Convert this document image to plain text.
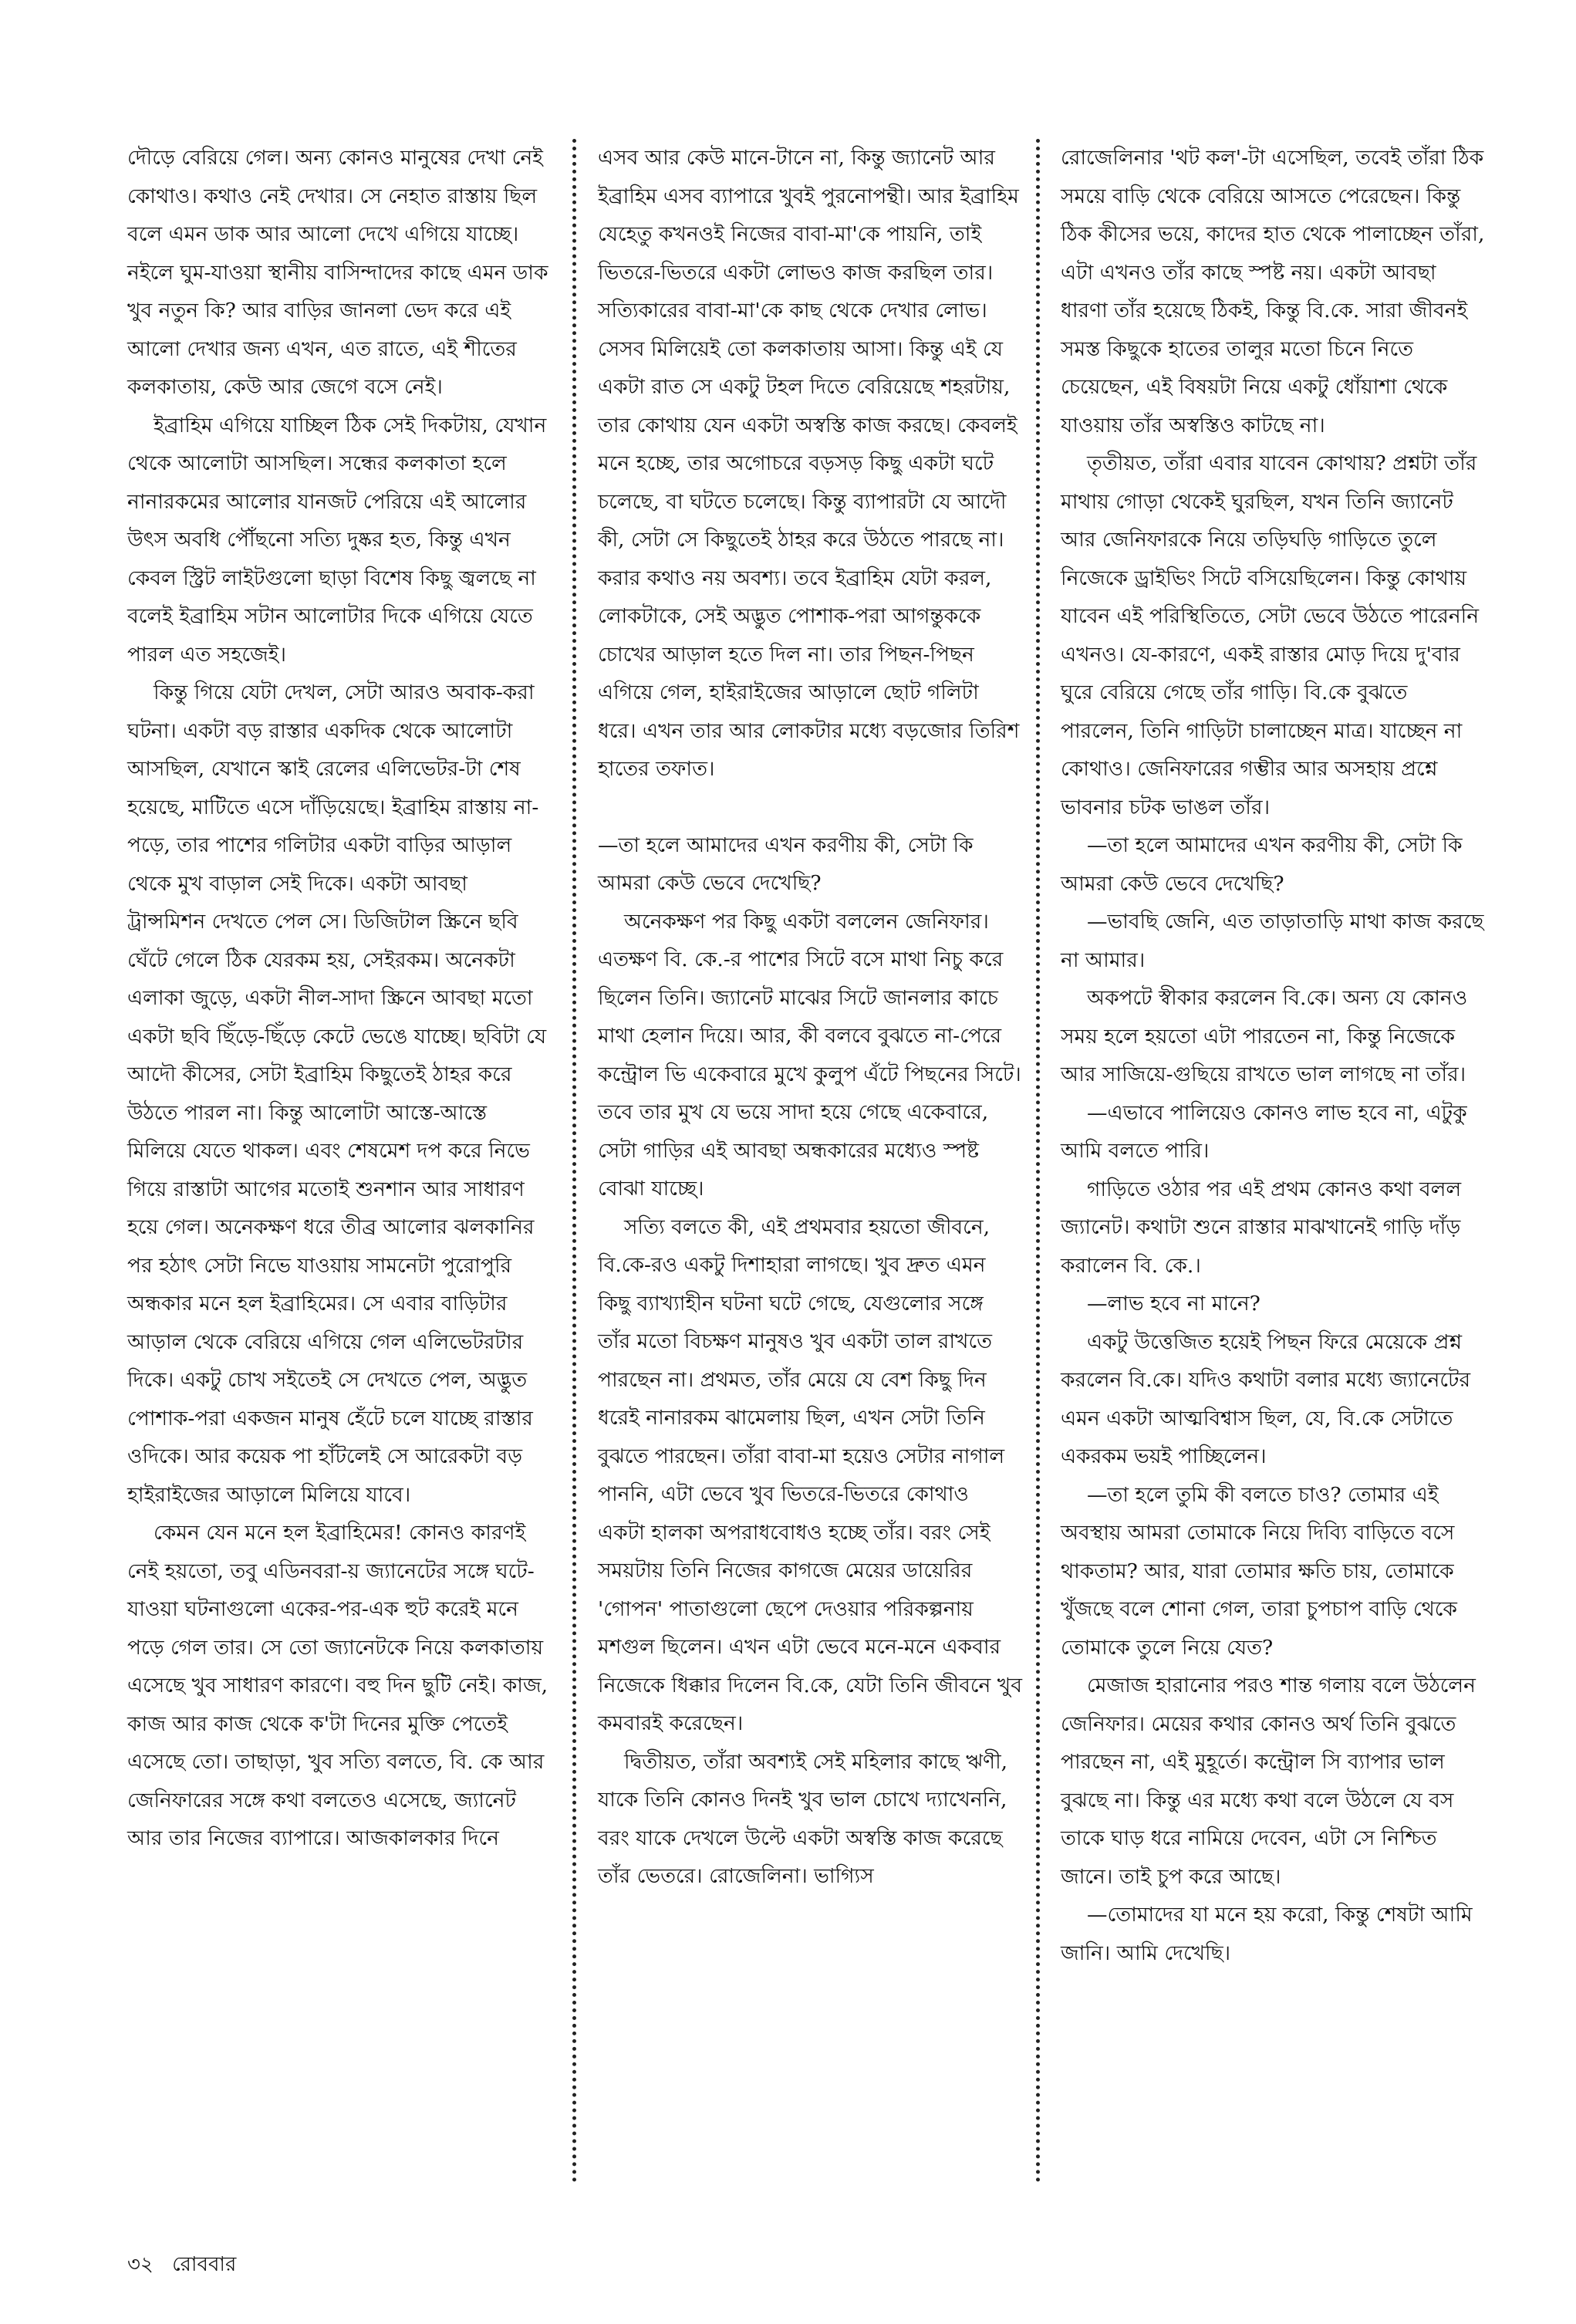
দৌড়ে বেরিয়ে গেল। অন্য কোনও মানুষের দেখা নেই কোথাও। কথাও নেই দেখার। সে নেহাত রাস্তায় ছিল বলে এমন ডাক আর আলো দেখে এগিয়ে যাচ্ছে। নইলে ঘুম-যাওয়া স্থানীয় বাসিন্দাদের কাছে এমন ডাক খুব নতুন কি? আর বাড়ির জানলা ভেদ করে এই আলো দেখার জন্য এখন, এত রাতে, এই শীতের কলকাতায়, কেউ আর জেগে বসে নেই।

ইব্রাহিম এগিয়ে যাচ্ছিল ঠিক সেই দিকটায়, যেখান থেকে আলোটা আসছিল। সন্ধের কলকাতা হলে নানারকমের আলোর যানজট পেরিয়ে এই আলোর উৎস অবধি পৌঁছনো সত্যি দুষ্কর হত, কিন্তু এখন কেবল স্ট্রিট লাইটগুলো ছাড়া বিশেষ কিছু জ্বলছে না বলেই ইব্রাহিম সটান আলোটার দিকে এগিয়ে যেতে পারল এত সহজেই।

কিন্তু গিয়ে যেটা দেখল, সেটা আরও অবাক-করা ঘটনা। একটা বড় রাস্তার একদিক থেকে আলোটা আসছিল, যেখানে স্কাই রেলের এলিভেটর-টা শেষ হয়েছে, মাটিতে এসে দাঁড়িয়েছে। ইব্রাহিম রাস্তায় না-পড়ে, তার পাশের গলিটার একটা বাড়ির আড়াল থেকে মুখ বাড়াল সেই দিকে। একটা আবছা ট্রান্সমিশন দেখতে পেল সে। ডিজিটাল স্ক্রিনে ছবি ঘেঁটে গেলে ঠিক যেরকম হয়, সেইরকম। অনেকটা এলাকা জুড়ে, একটা নীল-সাদা স্ক্রিনে আবছা মতো একটা ছবি ছিঁড়ে-ছিঁড়ে কেটে ভেঙে যাচ্ছে। ছবিটা যে আদৌ কীসের, সেটা ইব্রাহিম কিছুতেই ঠাহর করে উঠতে পারল না। কিন্তু আলোটা আস্তে-আস্তে মিলিয়ে যেতে থাকল। এবং শেষমেশ দপ করে নিভে গিয়ে রাস্তাটা আগের মতোই শুনশান আর সাধারণ হয়ে গেল। অনেকক্ষণ ধরে তীব্র আলোর ঝলকানির পর হঠাৎ সেটা নিভে যাওয়ায় সামনেটা পুরোপুরি অন্ধকার মনে হল ইব্রাহিমের। সে এবার বাড়িটার আড়াল থেকে বেরিয়ে এগিয়ে গেল এলিভেটরটার দিকে। একটু চোখ সইতেই সে দেখতে পেল, অদ্ভুত পোশাক-পরা একজন মানুষ হেঁটে চলে যাচ্ছে রাস্তার ওদিকে। আর কয়েক পা হাঁটলেই সে আরেকটা বড় হাইরাইজের আড়ালে মিলিয়ে যাবে।

কেমন যেন মনে হল ইব্রাহিমের! কোনও কারণই নেই হয়তো, তবু এডিনবরা-য় জ্যানেটের সঙ্গে ঘটে-যাওয়া ঘটনাগুলো একের-পর-এক হুট করেই মনে পড়ে গেল তার। সে তো জ্যানেটকে নিয়ে কলকাতায় এসেছে খুব সাধারণ কারণে। বহু দিন ছুটি নেই। কাজ, কাজ আর কাজ থেকে ক'টা দিনের মুক্তি পেতেই এসেছে তো। তাছাড়া, খুব সত্যি বলতে, বি. কে আর জেনিফারের সঙ্গে কথা বলতেও এসেছে, জ্যানেট আর তার নিজের ব্যাপারে। আজকালকার দিনে

এসব আর কেউ মানে-টানে না, কিন্তু জ্যানেট আর ইব্রাহিম এসব ব্যাপারে খুবই পুরনোপন্থী। আর ইব্রাহিম যেহেতু কখনওই নিজের বাবা-মা'কে পায়নি, তাই ভিতরে-ভিতরে একটা লোভও কাজ করছিল তার। সত্যিকারের বাবা-মা'কে কাছ থেকে দেখার লোভ। সেসব মিলিয়েই তো কলকাতায় আসা। কিন্তু এই যে একটা রাত সে একটু টহল দিতে বেরিয়েছে শহরটায়, তার কোথায় যেন একটা অস্বস্তি কাজ করছে। কেবলই মনে হচ্ছে, তার অগোচরে বড়সড় কিছু একটা ঘটে চলেছে, বা ঘটতে চলেছে। কিন্তু ব্যাপারটা যে আদৌ কী, সেটা সে কিছুতেই ঠাহর করে উঠতে পারছে না। করার কথাও নয় অবশ্য। তবে ইব্রাহিম যেটা করল, লোকটাকে, সেই অদ্ভুত পোশাক-পরা আগন্তুককে চোখের আড়াল হতে দিল না। তার পিছন-পিছন এগিয়ে গেল, হাইরাইজের আড়ালে ছোট গলিটা ধরে। এখন তার আর লোকটার মধ্যে বড়জোর তিরিশ হাতের তফাত।

—তা হলে আমাদের এখন করণীয় কী, সেটা কি আমরা কেউ ভেবে দেখেছি?

অনেকক্ষণ পর কিছু একটা বললেন জেনিফার। এতক্ষণ বি. কে.-র পাশের সিটে বসে মাথা নিচু করে ছিলেন তিনি। জ্যানেট মাঝের সিটে জানলার কাচে মাথা হেলান দিয়ে। আর, কী বলবে বুঝতে না-পেরে কন্ট্রোল ভি একেবারে মুখে কুলুপ এঁটে পিছনের সিটে। তবে তার মুখ যে ভয়ে সাদা হয়ে গেছে একেবারে, সেটা গাড়ির এই আবছা অন্ধকারের মধ্যেও স্পষ্ট বোঝা যাচ্ছে।

সত্যি বলতে কী, এই প্রথমবার হয়তো জীবনে, বি.কে-রও একটু দিশাহারা লাগছে। খুব দ্রুত এমন কিছু ব্যাখ্যাহীন ঘটনা ঘটে গেছে, যেগুলোর সঙ্গে তাঁর মতো বিচক্ষণ মানুষও খুব একটা তাল রাখতে পারছেন না। প্রথমত, তাঁর মেয়ে যে বেশ কিছু দিন ধরেই নানারকম ঝামেলায় ছিল, এখন সেটা তিনি বুঝতে পারছেন। তাঁরা বাবা-মা হয়েও সেটার নাগাল পাননি, এটা ভেবে খুব ভিতরে-ভিতরে কোথাও একটা হালকা অপরাধবোধও হচ্ছে তাঁর। বরং সেই সময়টায় তিনি নিজের কাগজে মেয়ের ডায়েরির 'গোপন' পাতাগুলো ছেপে দেওয়ার পরিকল্পনায় মশগুল ছিলেন। এখন এটা ভেবে মনে-মনে একবার নিজেকে ধিক্কার দিলেন বি.কে, যেটা তিনি জীবনে খুব কমবারই করেছেন।

দ্বিতীয়ত, তাঁরা অবশ্যই সেই মহিলার কাছে ঋণী, যাকে তিনি কোনও দিনই খুব ভাল চোখে দ্যাখেননি, বরং যাকে দেখলে উল্টে একটা অস্বস্তি কাজ করেছে তাঁর ভেতরে। রোজেলিনা। ভাগ্যিস

রোজেলিনার 'থট কল'-টা এসেছিল, তবেই তাঁরা ঠিক সময়ে বাড়ি থেকে বেরিয়ে আসতে পেরেছেন। কিন্তু ঠিক কীসের ভয়ে, কাদের হাত থেকে পালাচ্ছেন তাঁরা, এটা এখনও তাঁর কাছে স্পষ্ট নয়। একটা আবছা ধারণা তাঁর হয়েছে ঠিকই, কিন্তু বি.কে. সারা জীবনই সমস্ত কিছুকে হাতের তালুর মতো চিনে নিতে চেয়েছেন, এই বিষয়টা নিয়ে একটু ধোঁয়াশা থেকে যাওয়ায় তাঁর অস্বস্তিও কাটছে না।

তৃতীয়ত, তাঁরা এবার যাবেন কোথায়? প্রশ্নটা তাঁর মাথায় গোড়া থেকেই ঘুরছিল, যখন তিনি জ্যানেট আর জেনিফারকে নিয়ে তড়িঘড়ি গাড়িতে তুলে নিজেকে ড্রাইভিং সিটে বসিয়েছিলেন। কিন্তু কোথায় যাবেন এই পরিস্থিতিতে, সেটা ভেবে উঠতে পারেননি এখনও। যে-কারণে, একই রাস্তার মোড় দিয়ে দু'বার ঘুরে বেরিয়ে গেছে তাঁর গাড়ি। বি.কে বুঝতে পারলেন, তিনি গাড়িটা চালাচ্ছেন মাত্র। যাচ্ছেন না কোথাও। জেনিফারের গম্ভীর আর অসহায় প্রশ্নে ভাবনার চটক ভাঙল তাঁর।

—তা হলে আমাদের এখন করণীয় কী, সেটা কি আমরা কেউ ভেবে দেখেছি?

—ভাবছি জেনি, এত তাড়াতাড়ি মাথা কাজ করছে না আমার।

অকপটে স্বীকার করলেন বি.কে। অন্য যে কোনও সময় হলে হয়তো এটা পারতেন না, কিন্তু নিজেকে আর সাজিয়ে-গুছিয়ে রাখতে ভাল লাগছে না তাঁর।

—এভাবে পালিয়েও কোনও লাভ হবে না, এটুকু আমি বলতে পারি।

গাড়িতে ওঠার পর এই প্রথম কোনও কথা বলল জ্যানেট। কথাটা শুনে রাস্তার মাঝখানেই গাড়ি দাঁড় করালেন বি. কে.।

—লাভ হবে না মানে?

একটু উত্তেজিত হয়েই পিছন ফিরে মেয়েকে প্রশ্ন করলেন বি.কে। যদিও কথাটা বলার মধ্যে জ্যানেটের এমন একটা আত্মবিশ্বাস ছিল, যে, বি.কে সেটাতে একরকম ভয়ই পাচ্ছিলেন।

—তা হলে তুমি কী বলতে চাও? তোমার এই অবস্থায় আমরা তোমাকে নিয়ে দিব্যি বাড়িতে বসে থাকতাম? আর, যারা তোমার ক্ষতি চায়, তোমাকে খুঁজছে বলে শোনা গেল, তারা চুপচাপ বাড়ি থেকে তোমাকে তুলে নিয়ে যেত?

মেজাজ হারানোর পরও শান্ত গলায় বলে উঠলেন জেনিফার। মেয়ের কথার কোনও অর্থ তিনি বুঝতে পারছেন না, এই মুহূর্তে। কন্ট্রোল সি ব্যাপার ভাল বুঝছে না। কিন্তু এর মধ্যে কথা বলে উঠলে যে বস তাকে ঘাড় ধরে নামিয়ে দেবেন, এটা সে নিশ্চিত জানে। তাই চুপ করে আছে।

—তোমাদের যা মনে হয় করো, কিন্তু শেষটা আমি জানি। আমি দেখেছি।

৩২ রোববার
